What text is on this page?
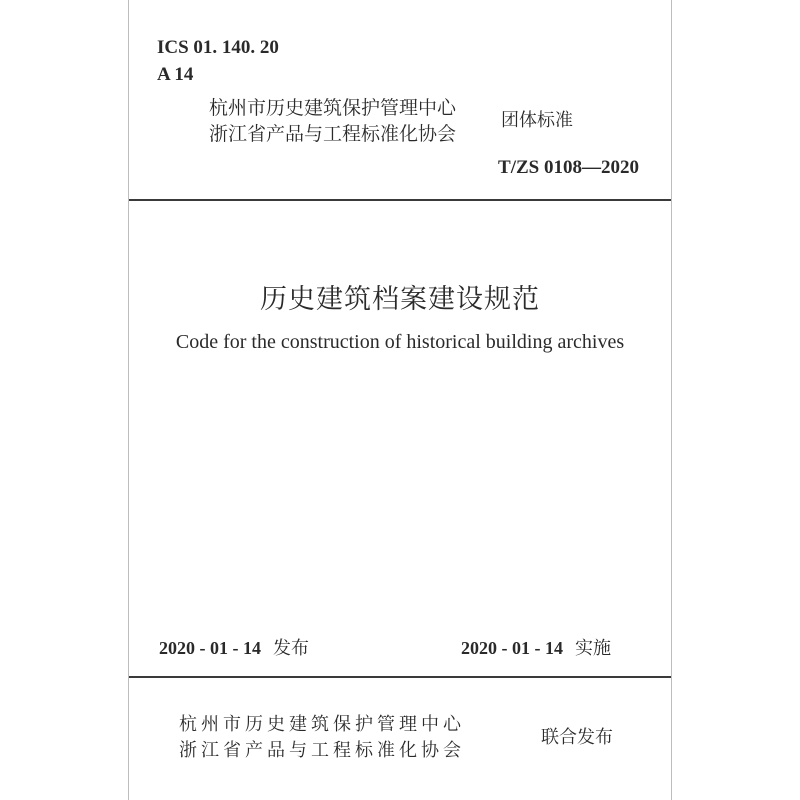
ICS 01. 140. 20
A 14
杭州市历史建筑保护管理中心
浙江省产品与工程标准化协会
团体标准
T/ZS 0108—2020
历史建筑档案建设规范
Code for the construction of historical building archives
2020 - 01 - 14 发布	2020 - 01 - 14 实施
杭州市历史建筑保护管理中心
浙江省产品与工程标准化协会
联合发布
